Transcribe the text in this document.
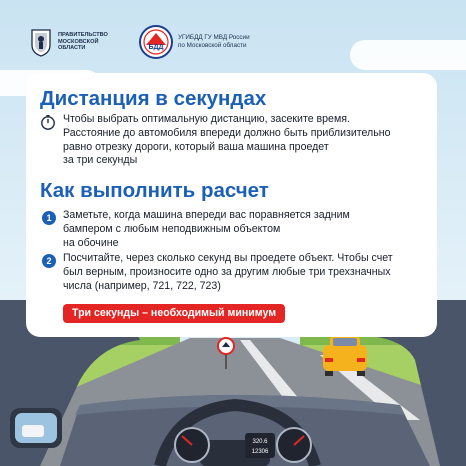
ПРАВИТЕЛЬСТВО
МОСКОВСКОЙ
ОБЛАСТИ	БДД
УГИБДД ГУ МВД России
по Московской области
320.6
12306
Дистанция в секундах
Чтобы выбрать оптимальную дистанцию, засеките время.
Расстояние до автомобиля впереди должно быть приблизительно
равно отрезку дороги, который ваша машина проедет
за три секунды
Как выполнить расчет
1	Заметьте, когда машина впереди вас поравняется задним
бампером с любым неподвижным объектом
на обочине
2	Посчитайте, через сколько секунд вы проедете объект. Чтобы счет
был верным, произносите одно за другим любые три трехзначных
числа (например, 721, 722, 723)
Три секунды – необходимый минимум
